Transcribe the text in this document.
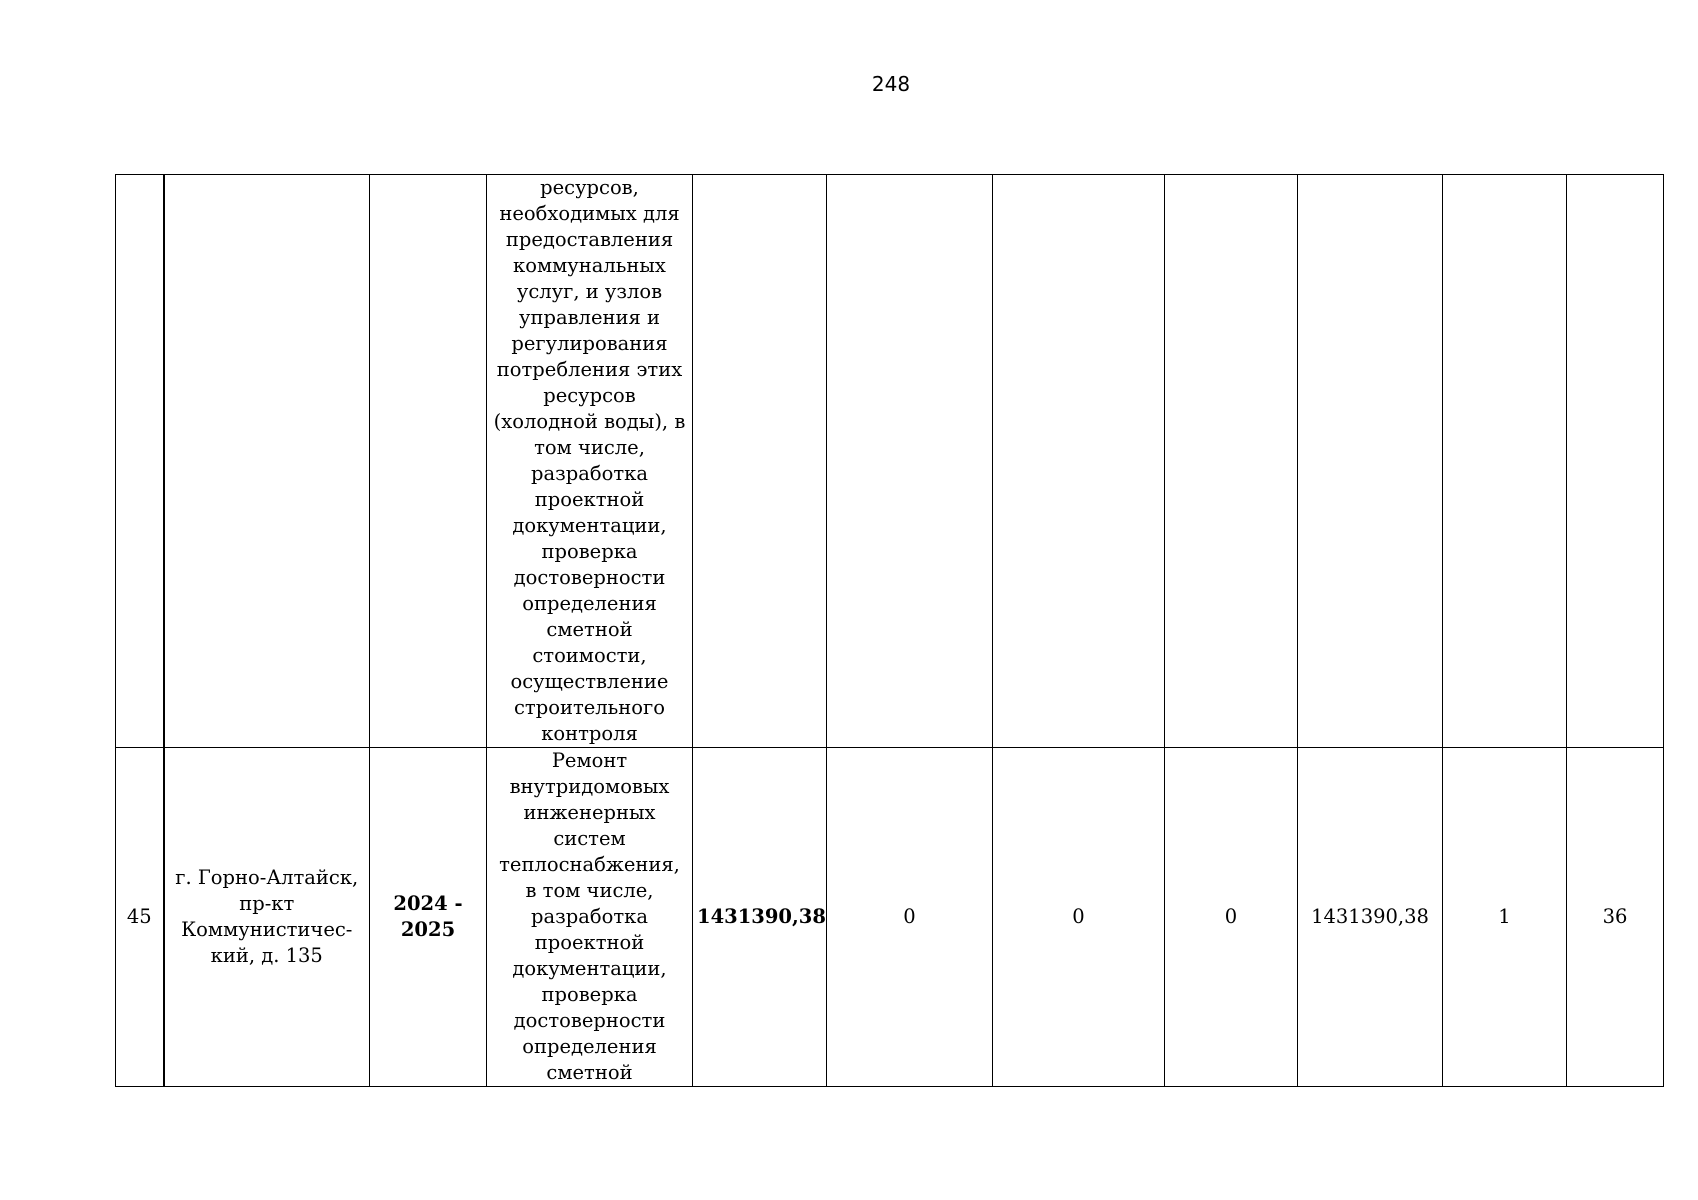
248
			ресурсов, необходимых для предоставления коммунальных услуг, и узлов управления и регулирования потребления этих ресурсов (холодной воды), в том числе, разработка проектной документации, проверка достоверности определения сметной стоимости, осуществление строительного контроля							
45	г. Горно-Алтайск, пр-кт Коммунистичес-кий, д. 135	2024 - 2025	Ремонт внутридомовых инженерных систем теплоснабжения, в том числе, разработка проектной документации, проверка достоверности определения сметной	1431390,38	0	0	0	1431390,38	1	36
